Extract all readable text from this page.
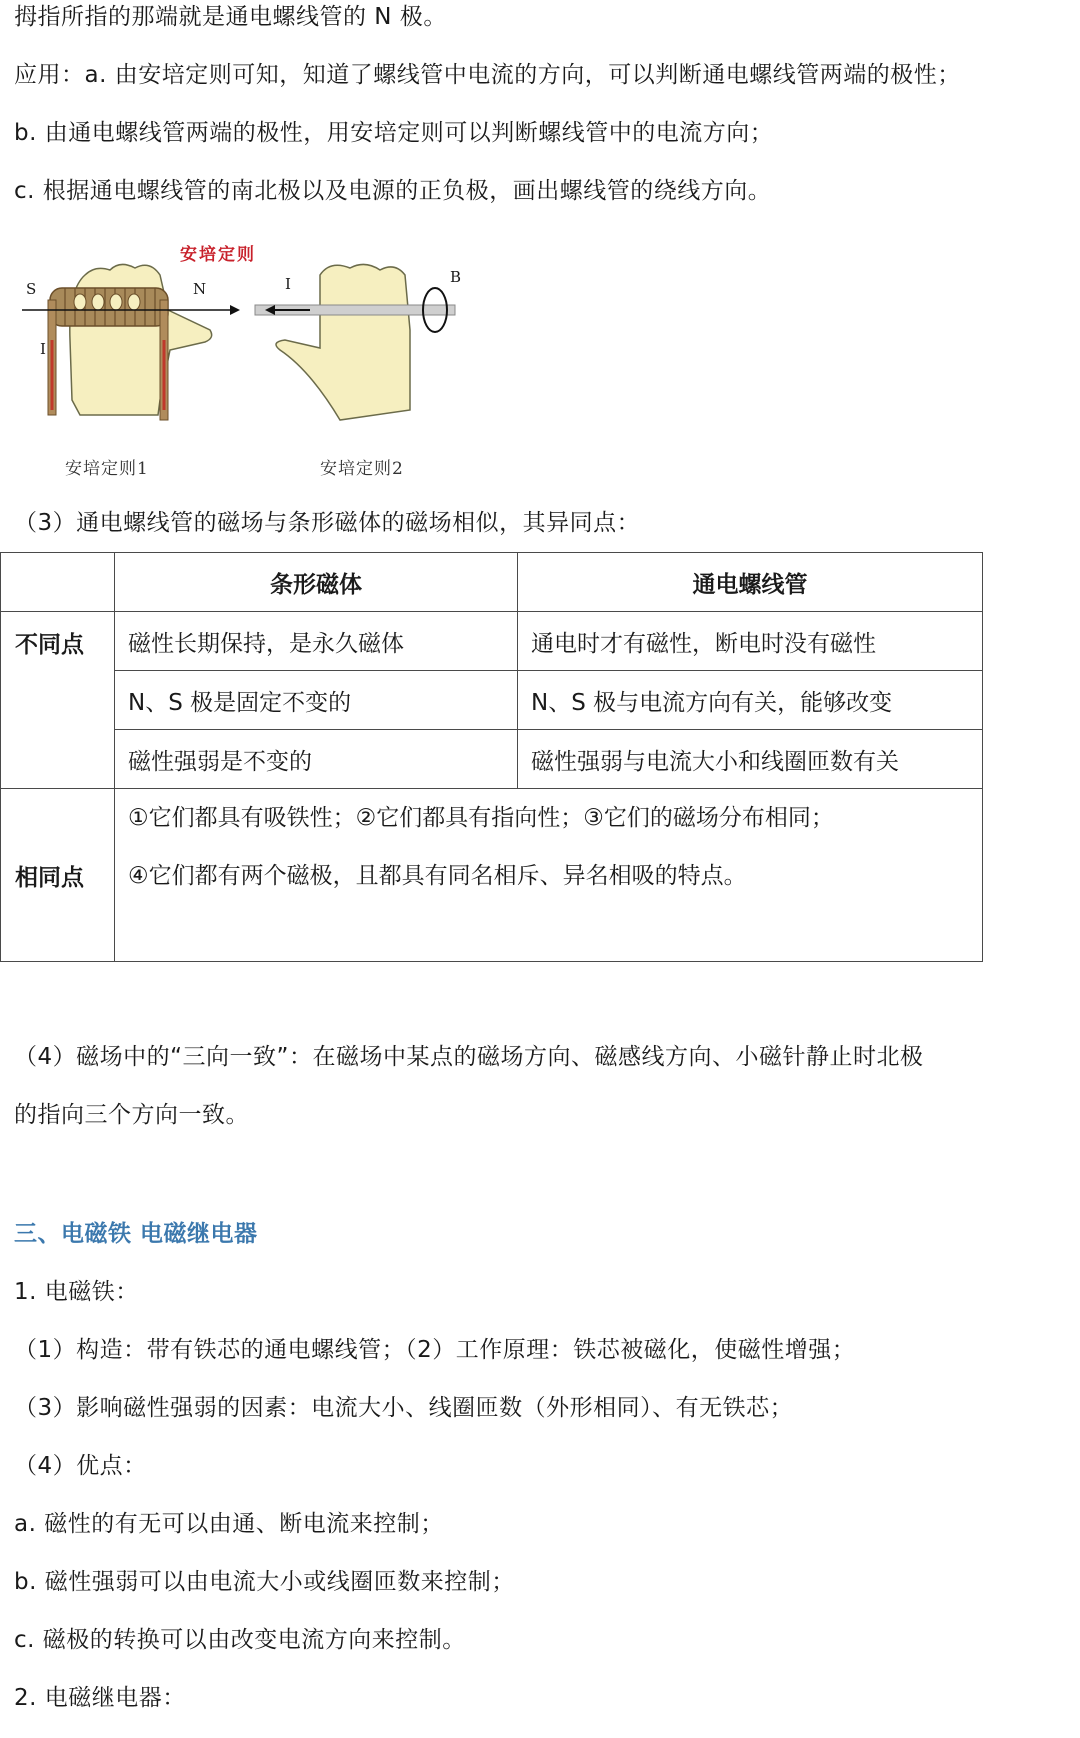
拇指所指的那端就是通电螺线管的 N 极。
应用：a. 由安培定则可知，知道了螺线管中电流的方向，可以判断通电螺线管两端的极性；
b. 由通电螺线管两端的极性，用安培定则可以判断螺线管中的电流方向；
c. 根据通电螺线管的南北极以及电源的正负极，画出螺线管的绕线方向。
安培定则
S	N
I
I	B
安培定则1	安培定则2
（3）通电螺线管的磁场与条形磁体的磁场相似，其异同点：
	条形磁体	通电螺线管
不同点	磁性长期保持，是永久磁体	通电时才有磁性，断电时没有磁性
	N、S 极是固定不变的	N、S 极与电流方向有关，能够改变
	磁性强弱是不变的	磁性强弱与电流大小和线圈匝数有关
相同点	①它们都具有吸铁性；②它们都具有指向性；③它们的磁场分布相同；
④它们都有两个磁极，且都具有同名相斥、异名相吸的特点。	
（4）磁场中的“三向一致”：在磁场中某点的磁场方向、磁感线方向、小磁针静止时北极
的指向三个方向一致。
三、电磁铁 电磁继电器
1. 电磁铁：
（1）构造：带有铁芯的通电螺线管；（2）工作原理：铁芯被磁化，使磁性增强；
（3）影响磁性强弱的因素：电流大小、线圈匝数（外形相同）、有无铁芯；
（4）优点：
a. 磁性的有无可以由通、断电流来控制；
b. 磁性强弱可以由电流大小或线圈匝数来控制；
c. 磁极的转换可以由改变电流方向来控制。
2. 电磁继电器：
